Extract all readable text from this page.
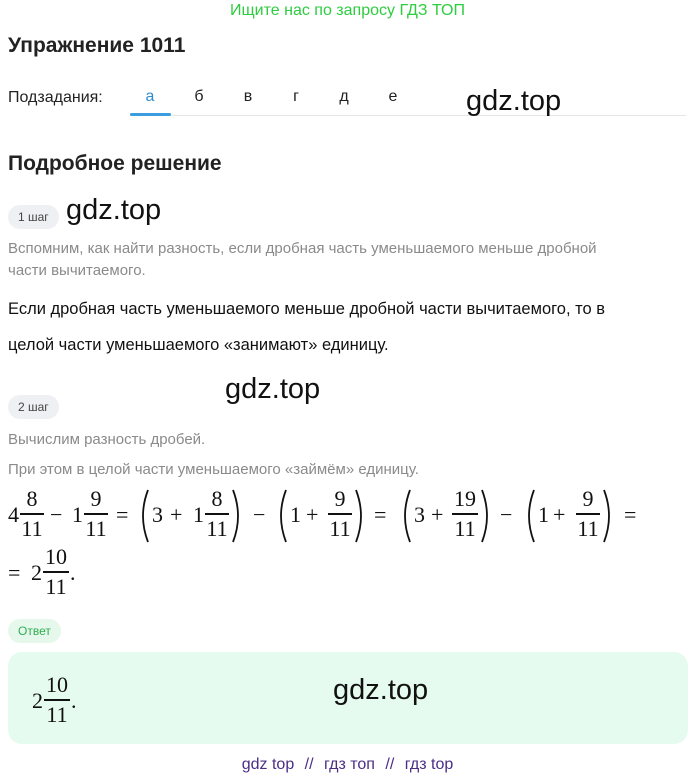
Ищите нас по запросу ГДЗ ТОП
Упражнение 1011
Подзадания:	а	б	в	г	д	е	gdz.top
Подробное решение
1 шаг gdz.top
Вспомним, как найти разность, если дробная часть уменьшаемого меньше дробной
части вычитаемого.
Если дробная часть уменьшаемого меньше дробной части вычитаемого, то в
целой части уменьшаемого «занимают» единицу.
gdz.top
2 шаг
Вычислим разность дробей.
При этом в целой части уменьшаемого «займём» единицу.
4
8
11
− 1
9
11
= 3 + 1
8
11
− 1 +
9
11
= 3 +
19
11
− 1 +
9
11
=
= 2
10
11
.
Ответ
2
10
11
.	gdz.top
gdz top // гдз топ // гдз top
